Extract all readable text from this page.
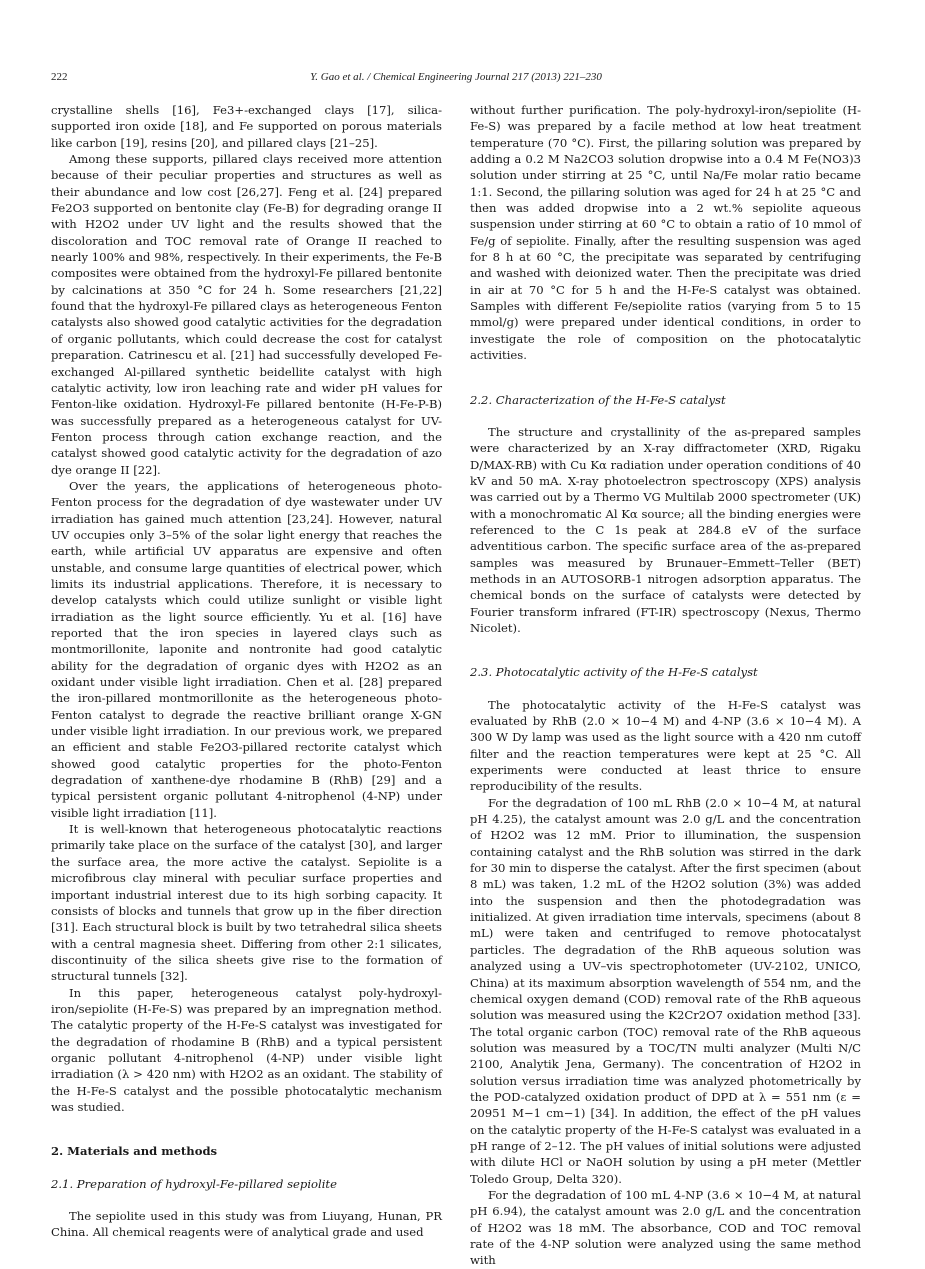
222	Y. Gao et al. / Chemical Engineering Journal 217 (2013) 221–230

crystalline shells [16], Fe3+-exchanged clays [17], silica-supported iron oxide [18], and Fe supported on porous materials like carbon [19], resins [20], and pillared clays [21–25].

Among these supports, pillared clays received more attention because of their peculiar properties and structures as well as their abundance and low cost [26,27]. Feng et al. [24] prepared Fe2O3 supported on bentonite clay (Fe-B) for degrading orange II with H2O2 under UV light and the results showed that the discoloration and TOC removal rate of Orange II reached to nearly 100% and 98%, respectively. In their experiments, the Fe-B composites were obtained from the hydroxyl-Fe pillared bentonite by calcinations at 350 °C for 24 h. Some researchers [21,22] found that the hydroxyl-Fe pillared clays as heterogeneous Fenton catalysts also showed good catalytic activities for the degradation of organic pollutants, which could decrease the cost for catalyst preparation. Catrinescu et al. [21] had successfully developed Fe-exchanged Al-pillared synthetic beidellite catalyst with high catalytic activity, low iron leaching rate and wider pH values for Fenton-like oxidation. Hydroxyl-Fe pillared bentonite (H-Fe-P-B) was successfully prepared as a heterogeneous catalyst for UV-Fenton process through cation exchange reaction, and the catalyst showed good catalytic activity for the degradation of azo dye orange II [22].

Over the years, the applications of heterogeneous photo-Fenton process for the degradation of dye wastewater under UV irradiation has gained much attention [23,24]. However, natural UV occupies only 3–5% of the solar light energy that reaches the earth, while artificial UV apparatus are expensive and often unstable, and consume large quantities of electrical power, which limits its industrial applications. Therefore, it is necessary to develop catalysts which could utilize sunlight or visible light irradiation as the light source efficiently. Yu et al. [16] have reported that the iron species in layered clays such as montmorillonite, laponite and nontronite had good catalytic ability for the degradation of organic dyes with H2O2 as an oxidant under visible light irradiation. Chen et al. [28] prepared the iron-pillared montmorillonite as the heterogeneous photo-Fenton catalyst to degrade the reactive brilliant orange X-GN under visible light irradiation. In our previous work, we prepared an efficient and stable Fe2O3-pillared rectorite catalyst which showed good catalytic properties for the photo-Fenton degradation of xanthene-dye rhodamine B (RhB) [29] and a typical persistent organic pollutant 4-nitrophenol (4-NP) under visible light irradiation [11].

It is well-known that heterogeneous photocatalytic reactions primarily take place on the surface of the catalyst [30], and larger the surface area, the more active the catalyst. Sepiolite is a microfibrous clay mineral with peculiar surface properties and important industrial interest due to its high sorbing capacity. It consists of blocks and tunnels that grow up in the fiber direction [31]. Each structural block is built by two tetrahedral silica sheets with a central magnesia sheet. Differing from other 2:1 silicates, discontinuity of the silica sheets give rise to the formation of structural tunnels [32].

In this paper, heterogeneous catalyst poly-hydroxyl-iron/sepiolite (H-Fe-S) was prepared by an impregnation method. The catalytic property of the H-Fe-S catalyst was investigated for the degradation of rhodamine B (RhB) and a typical persistent organic pollutant 4-nitrophenol (4-NP) under visible light irradiation (λ > 420 nm) with H2O2 as an oxidant. The stability of the H-Fe-S catalyst and the possible photocatalytic mechanism was studied.

2. Materials and methods
2.1. Preparation of hydroxyl-Fe-pillared sepiolite

The sepiolite used in this study was from Liuyang, Hunan, PR China. All chemical reagents were of analytical grade and used

without further purification. The poly-hydroxyl-iron/sepiolite (H-Fe-S) was prepared by a facile method at low heat treatment temperature (70 °C). First, the pillaring solution was prepared by adding a 0.2 M Na2CO3 solution dropwise into a 0.4 M Fe(NO3)3 solution under stirring at 25 °C, until Na/Fe molar ratio became 1:1. Second, the pillaring solution was aged for 24 h at 25 °C and then was added dropwise into a 2 wt.% sepiolite aqueous suspension under stirring at 60 °C to obtain a ratio of 10 mmol of Fe/g of sepiolite. Finally, after the resulting suspension was aged for 8 h at 60 °C, the precipitate was separated by centrifuging and washed with deionized water. Then the precipitate was dried in air at 70 °C for 5 h and the H-Fe-S catalyst was obtained. Samples with different Fe/sepiolite ratios (varying from 5 to 15 mmol/g) were prepared under identical conditions, in order to investigate the role of composition on the photocatalytic activities.

2.2. Characterization of the H-Fe-S catalyst

The structure and crystallinity of the as-prepared samples were characterized by an X-ray diffractometer (XRD, Rigaku D/MAX-RB) with Cu Kα radiation under operation conditions of 40 kV and 50 mA. X-ray photoelectron spectroscopy (XPS) analysis was carried out by a Thermo VG Multilab 2000 spectrometer (UK) with a monochromatic Al Kα source; all the binding energies were referenced to the C 1s peak at 284.8 eV of the surface adventitious carbon. The specific surface area of the as-prepared samples was measured by Brunauer–Emmett–Teller (BET) methods in an AUTOSORB-1 nitrogen adsorption apparatus. The chemical bonds on the surface of catalysts were detected by Fourier transform infrared (FT-IR) spectroscopy (Nexus, Thermo Nicolet).

2.3. Photocatalytic activity of the H-Fe-S catalyst

The photocatalytic activity of the H-Fe-S catalyst was evaluated by RhB (2.0 × 10−4 M) and 4-NP (3.6 × 10−4 M). A 300 W Dy lamp was used as the light source with a 420 nm cutoff filter and the reaction temperatures were kept at 25 °C. All experiments were conducted at least thrice to ensure reproducibility of the results.

For the degradation of 100 mL RhB (2.0 × 10−4 M, at natural pH 4.25), the catalyst amount was 2.0 g/L and the concentration of H2O2 was 12 mM. Prior to illumination, the suspension containing catalyst and the RhB solution was stirred in the dark for 30 min to disperse the catalyst. After the first specimen (about 8 mL) was taken, 1.2 mL of the H2O2 solution (3%) was added into the suspension and then the photodegradation was initialized. At given irradiation time intervals, specimens (about 8 mL) were taken and centrifuged to remove photocatalyst particles. The degradation of the RhB aqueous solution was analyzed using a UV–vis spectrophotometer (UV-2102, UNICO, China) at its maximum absorption wavelength of 554 nm, and the chemical oxygen demand (COD) removal rate of the RhB aqueous solution was measured using the K2Cr2O7 oxidation method [33]. The total organic carbon (TOC) removal rate of the RhB aqueous solution was measured by a TOC/TN multi analyzer (Multi N/C 2100, Analytik Jena, Germany). The concentration of H2O2 in solution versus irradiation time was analyzed photometrically by the POD-catalyzed oxidation product of DPD at λ = 551 nm (ε = 20951 M−1 cm−1) [34]. In addition, the effect of the pH values on the catalytic property of the H-Fe-S catalyst was evaluated in a pH range of 2–12. The pH values of initial solutions were adjusted with dilute HCl or NaOH solution by using a pH meter (Mettler Toledo Group, Delta 320).

For the degradation of 100 mL 4-NP (3.6 × 10−4 M, at natural pH 6.94), the catalyst amount was 2.0 g/L and the concentration of H2O2 was 18 mM. The absorbance, COD and TOC removal rate of the 4-NP solution were analyzed using the same method with
